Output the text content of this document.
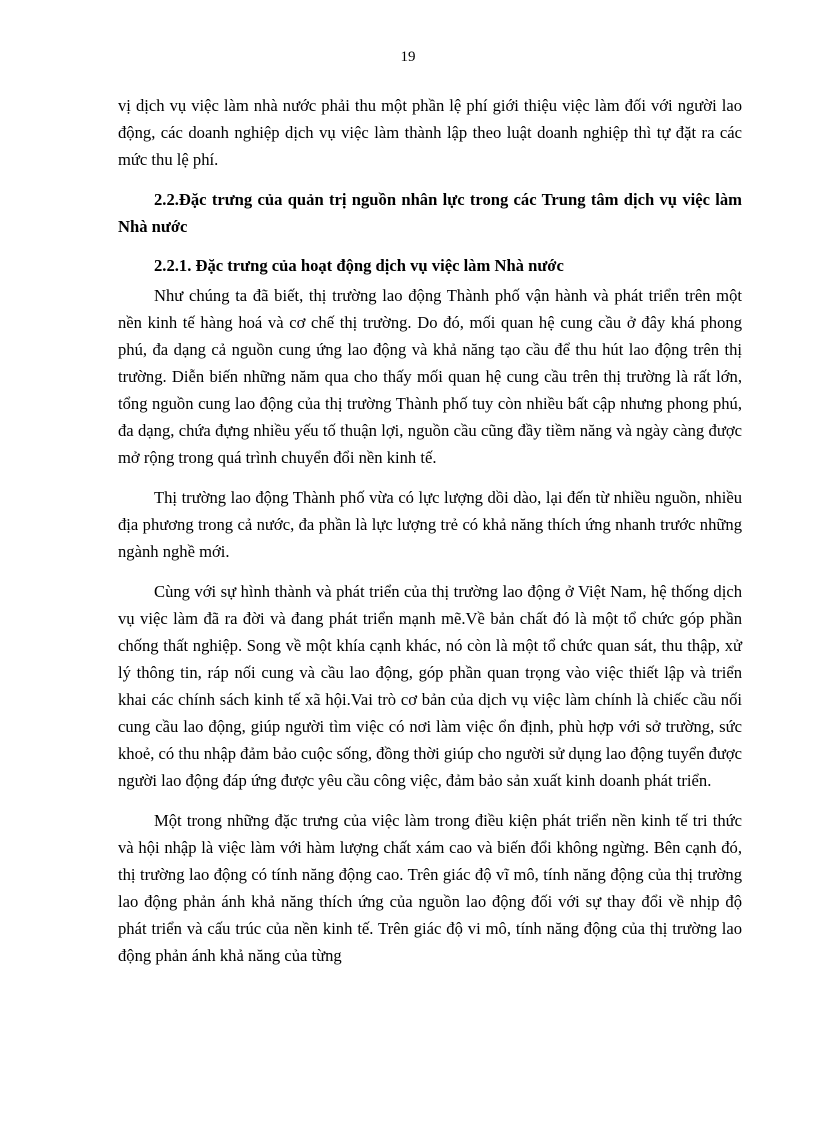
19

vị dịch vụ việc làm nhà nước phải thu một phần lệ phí giới thiệu việc làm đối với người lao động, các doanh nghiệp dịch vụ việc làm thành lập theo luật doanh nghiệp thì tự đặt ra các mức thu lệ phí.

2.2.Đặc trưng của quản trị nguồn nhân lực trong các Trung tâm dịch vụ việc làm Nhà nước

2.2.1. Đặc trưng của hoạt động dịch vụ việc làm Nhà nước

Như chúng ta đã biết, thị trường lao động Thành phố vận hành và phát triển trên một nền kinh tế hàng hoá và cơ chế thị trường. Do đó, mối quan hệ cung cầu ở đây khá phong phú, đa dạng cả nguồn cung ứng lao động và khả năng tạo cầu để thu hút lao động trên thị trường. Diễn biến những năm qua cho thấy mối quan hệ cung cầu trên thị trường là rất lớn, tổng nguồn cung lao động của thị trường Thành phố tuy còn nhiều bất cập nhưng phong phú, đa dạng, chứa đựng nhiều yếu tố thuận lợi, nguồn cầu cũng đầy tiềm năng và ngày càng được mở rộng trong quá trình chuyển đổi nền kinh tế.

Thị trường lao động Thành phố vừa có lực lượng dồi dào, lại đến từ nhiều nguồn, nhiều địa phương trong cả nước, đa phần là lực lượng trẻ có khả năng thích ứng nhanh trước những ngành nghề mới.

Cùng với sự hình thành và phát triển của thị trường lao động ở Việt Nam, hệ thống dịch vụ việc làm đã ra đời và đang phát triển mạnh mẽ.Về bản chất đó là một tổ chức góp phần chống thất nghiệp. Song về một khía cạnh khác, nó còn là một tổ chức quan sát, thu thập, xử lý thông tin, ráp nối cung và cầu lao động, góp phần quan trọng vào việc thiết lập và triển khai các chính sách kinh tế xã hội.Vai trò cơ bản của dịch vụ việc làm chính là chiếc cầu nối cung cầu lao động, giúp người tìm việc có nơi làm việc ổn định, phù hợp với sở trường, sức khoẻ, có thu nhập đảm bảo cuộc sống, đồng thời giúp cho người sử dụng lao động tuyển được người lao động đáp ứng được yêu cầu công việc, đảm bảo sản xuất kinh doanh phát triển.

Một trong những đặc trưng của việc làm trong điều kiện phát triển nền kinh tế tri thức và hội nhập là việc làm với hàm lượng chất xám cao và biến đổi không ngừng. Bên cạnh đó, thị trường lao động có tính năng động cao. Trên giác độ vĩ mô, tính năng động của thị trường lao động phản ánh khả năng thích ứng của nguồn lao động đối với sự thay đổi về nhịp độ phát triển và cấu trúc của nền kinh tế. Trên giác độ vi mô, tính năng động của thị trường lao động phản ánh khả năng của từng
